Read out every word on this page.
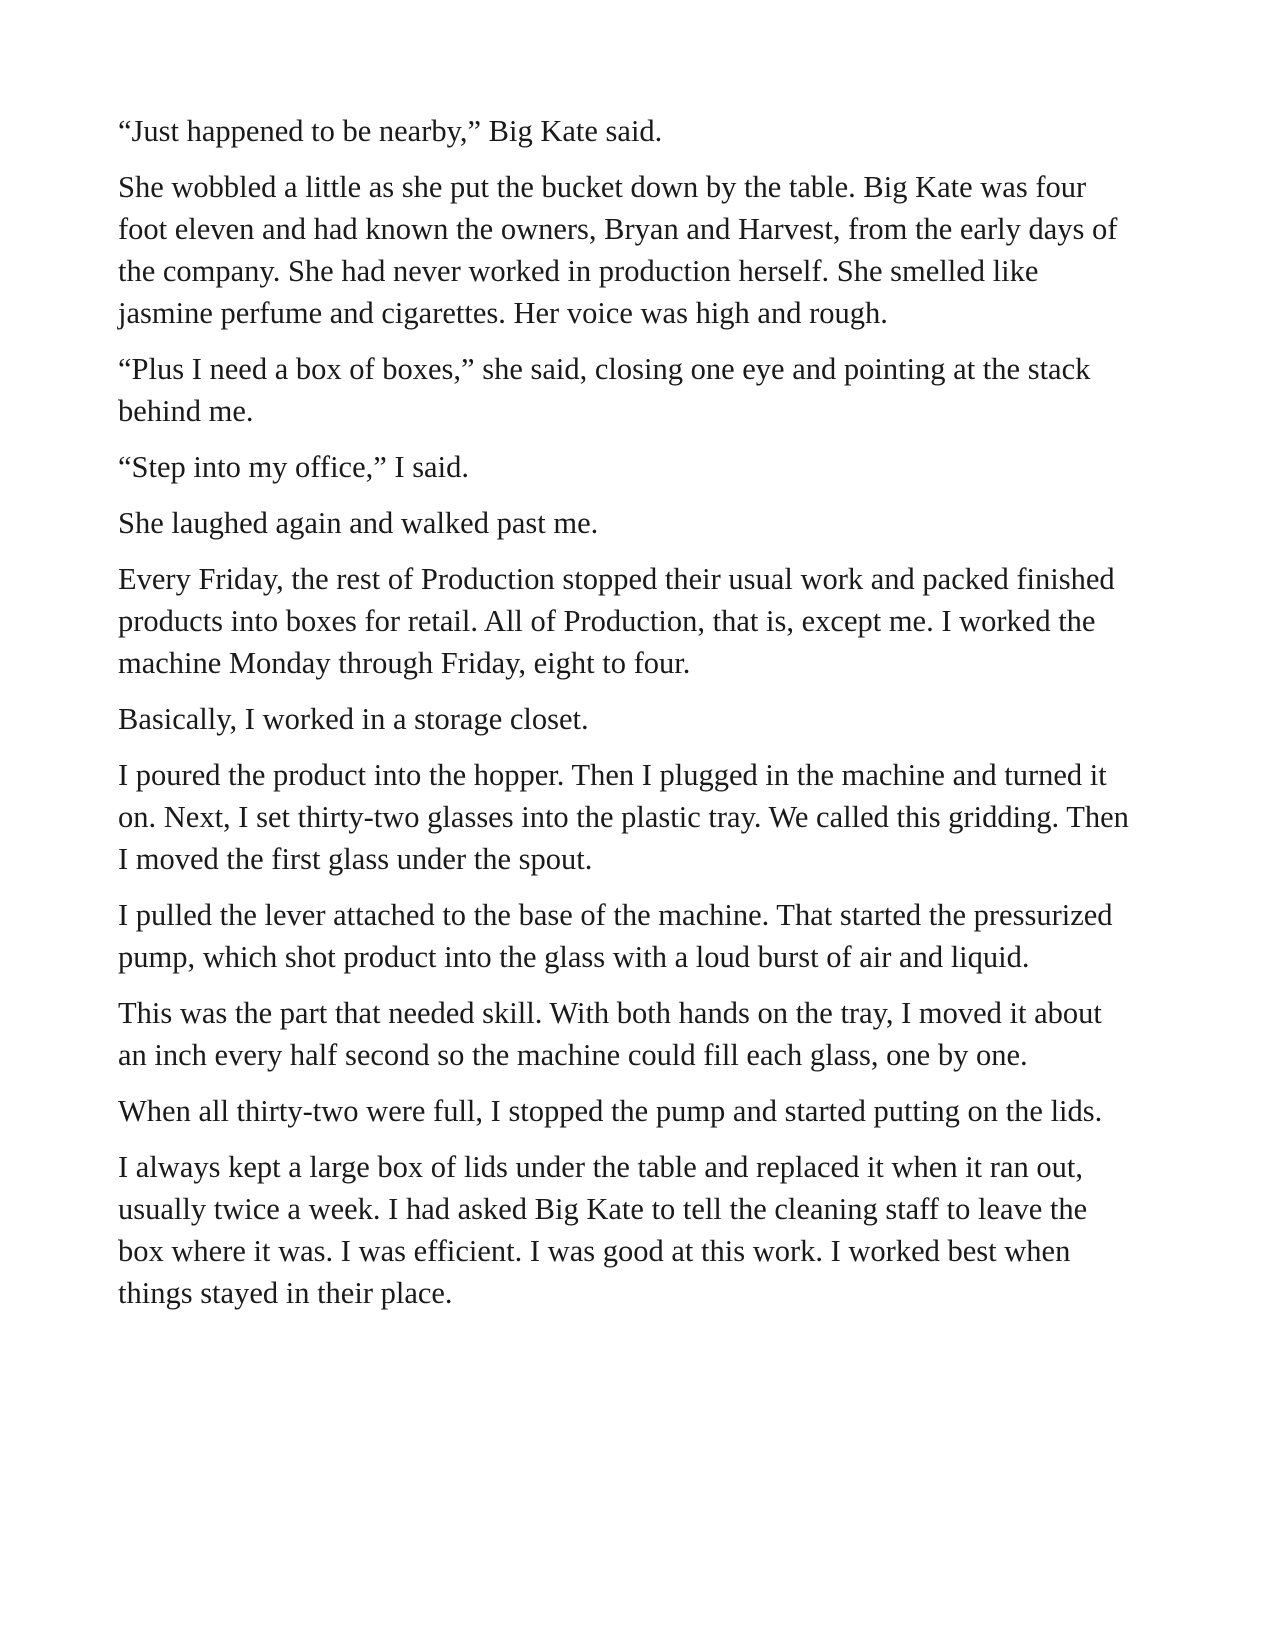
“Just happened to be nearby,” Big Kate said.

She wobbled a little as she put the bucket down by the table. Big Kate was four foot eleven and had known the owners, Bryan and Harvest, from the early days of the company. She had never worked in production herself. She smelled like jasmine perfume and cigarettes. Her voice was high and rough.

“Plus I need a box of boxes,” she said, closing one eye and pointing at the stack behind me.

“Step into my office,” I said.

She laughed again and walked past me.

Every Friday, the rest of Production stopped their usual work and packed finished products into boxes for retail. All of Production, that is, except me. I worked the machine Monday through Friday, eight to four.

Basically, I worked in a storage closet.

I poured the product into the hopper. Then I plugged in the machine and turned it on. Next, I set thirty-two glasses into the plastic tray. We called this gridding. Then I moved the first glass under the spout.

I pulled the lever attached to the base of the machine. That started the pressurized pump, which shot product into the glass with a loud burst of air and liquid.

This was the part that needed skill. With both hands on the tray, I moved it about an inch every half second so the machine could fill each glass, one by one.

When all thirty-two were full, I stopped the pump and started putting on the lids.

I always kept a large box of lids under the table and replaced it when it ran out, usually twice a week. I had asked Big Kate to tell the cleaning staff to leave the box where it was. I was efficient. I was good at this work. I worked best when things stayed in their place.
